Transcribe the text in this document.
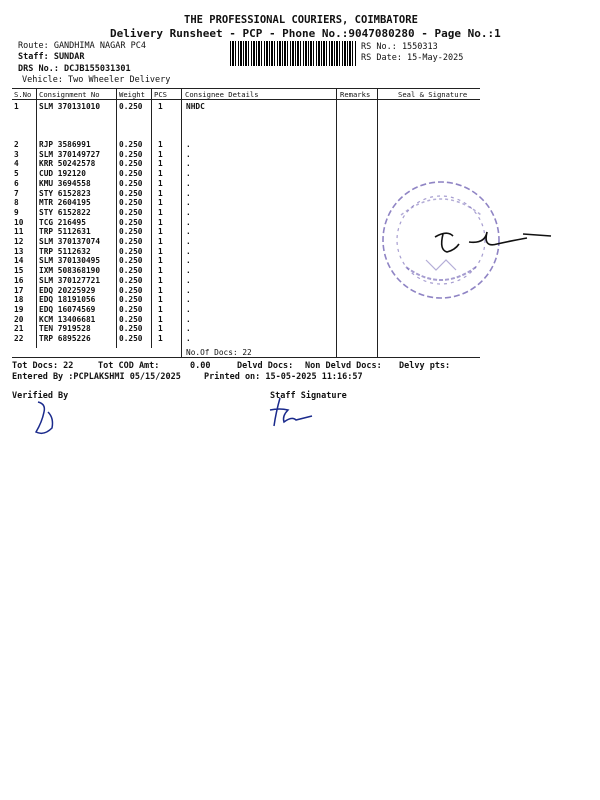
THE PROFESSIONAL COURIERS, COIMBATORE
Delivery Runsheet - PCP - Phone No.:9047080280 - Page No.:1
Route: GANDHIMA NAGAR PC4
Staff: SUNDAR
DRS No.: DCJB155031301
Vehicle: Two Wheeler Delivery
RS No.: 1550313
RS Date: 15-May-2025
S.No Consignment No	Weight PCS	Consignee Details	Remarks	Seal & Signature
1	SLM 370131010 0.250 1	NHDC
2	RJP 3586991	0.250 1	.
3	SLM 370149727 0.250 1	.
4	KRR 50242578	0.250 1	.
5	CUD 192120	0.250 1	.
6	KMU 3694558	0.250 1	.
7	STY 6152823	0.250 1	.
8	MTR 2604195	0.250 1	.
9	STY 6152822	0.250 1	.
10 TCG 216495	0.250 1	.
11 TRP 5112631	0.250 1	.
12 SLM 370137074 0.250 1	.
13 TRP 5112632	0.250 1	.
14 SLM 370130495 0.250 1	.
15 IXM 508368190 0.250 1	.
16 SLM 370127721 0.250 1	.
17 EDQ 20225929	0.250 1	.
18 EDQ 18191056	0.250 1	.
19 EDQ 16074569	0.250 1	.
20 KCM 13406681	0.250 1	.
21 TEN 7919528	0.250 1	.
22 TRP 6895226	0.250 1	.
No.Of Docs: 22
Tot Docs: 22	Tot COD Amt:	0.00	Delvd Docs: Non Delvd Docs: Delvy pts:
Entered By :PCPLAKSHMI 05/15/2025	Printed on: 15-05-2025 11:16:57
Verified By	Staff Signature
